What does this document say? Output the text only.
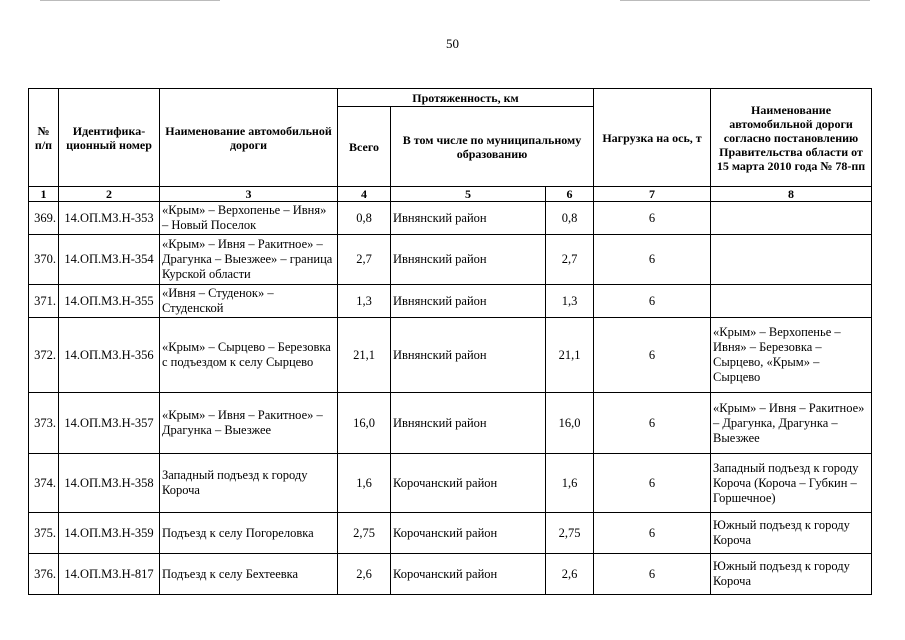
50
№ п/п	Идентифика-ционный номер	Наименование автомобильной дороги	Протяженность, км			Нагрузка на ось, т	Наименование автомобильной дороги согласно постановлению Правительства области от 15 марта 2010 года № 78-пп
			Всего	В том числе по муниципальному образованию			
1	2	3	4	5	6	7	8
369.	14.ОП.МЗ.Н-353	«Крым» – Верхопенье – Ивня» – Новый Поселок	0,8	Ивнянский район	0,8	6	
370.	14.ОП.МЗ.Н-354	«Крым» – Ивня – Ракитное» – Драгунка – Выезжее» – граница Курской области	2,7	Ивнянский район	2,7	6	
371.	14.ОП.МЗ.Н-355	«Ивня – Студенок» – Студенской	1,3	Ивнянский район	1,3	6	
372.	14.ОП.МЗ.Н-356	«Крым» – Сырцево – Березовка с подъездом к селу Сырцево	21,1	Ивнянский район	21,1	6	«Крым» – Верхопенье – Ивня» – Березовка – Сырцево, «Крым» – Сырцево
373.	14.ОП.МЗ.Н-357	«Крым» – Ивня – Ракитное» – Драгунка – Выезжее	16,0	Ивнянский район	16,0	6	«Крым» – Ивня – Ракитное» – Драгунка, Драгунка – Выезжее
374.	14.ОП.МЗ.Н-358	Западный подъезд к городу Короча	1,6	Корочанский район	1,6	6	Западный подъезд к городу Короча (Короча – Губкин – Горшечное)
375.	14.ОП.МЗ.Н-359	Подъезд к селу Погореловка	2,75	Корочанский район	2,75	6	Южный подъезд к городу Короча
376.	14.ОП.МЗ.Н-817	Подъезд к селу Бехтеевка	2,6	Корочанский район	2,6	6	Южный подъезд к городу Короча
